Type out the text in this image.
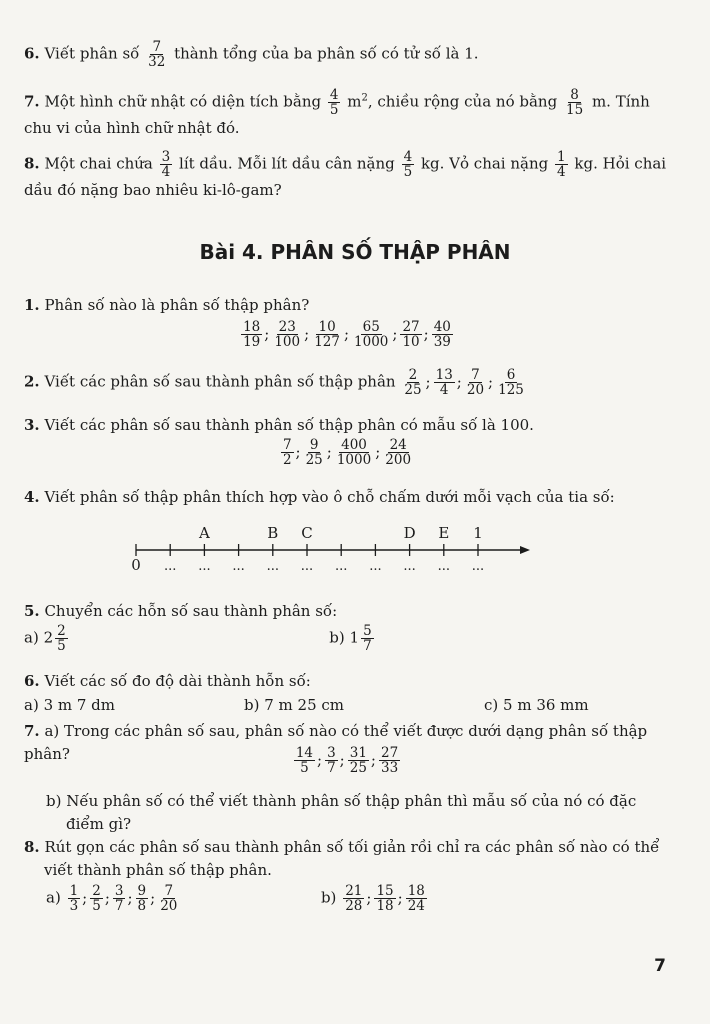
6. Viết phân số $\frac{7}{32}$ thành tổng của ba phân số có tử số là 1.
7. Một hình chữ nhật có diện tích bằng $\frac{4}{5} m^2$, chiều rộng của nó bằng $\frac{8}{15} m$. Tính
chu vi của hình chữ nhật đó.
8. Một chai chứa $\frac{3}{4}$ lít dầu. Mỗi lít dầu cân nặng $\frac{4}{5}$ kg. Vỏ chai nặng $\frac{1}{4}$ kg. Hỏi chai
dầu đó nặng bao nhiêu ki-lô-gam?
Bài 4. PHÂN SỐ THẬP PHÂN
1. Phân số nào là phân số thập phân?
$\frac{18}{19}$ ; $\frac{23}{100}$ ; $\frac{10}{127}$ ; $\frac{65}{1000}$ ; $\frac{27}{10}$ ; $\frac{40}{39}$
2. Viết các phân số sau thành phân số thập phân $\frac{2}{25}$ ; $\frac{13}{4}$ ; $\frac{7}{20}$ ; $\frac{6}{125}$
3. Viết các phân số sau thành phân số thập phân có mẫu số là 100.
$\frac{7}{2}$ ; $\frac{9}{25}$ ; $\frac{400}{1000}$ ; $\frac{24}{200}$
4. Viết phân số thập phân thích hợp vào ô chỗ chấm dưới mỗi vạch của tia số:
A	B C	D E 1
0 ... ... ... ... ... ... ... ... ... ...
5. Chuyển các hỗn số sau thành phân số:
a) $2 \frac{2}{5}$	b) $1 \frac{5}{7}$
6. Viết các số đo độ dài thành hỗn số:
a) 3 m 7 dm	b) 7 m 25 cm	c) 5 m 36 mm
7. a) Trong các phân số sau, phân số nào có thể viết được dưới dạng phân số thập phân?	$\frac{14}{5}$ ; $\frac{3}{7}$ ; $\frac{31}{25}$ ; $\frac{27}{33}$
b) Nếu phân số có thể viết thành phân số thập phân thì mẫu số của nó có đặc
điểm gì?
8. Rút gọn các phân số sau thành phân số tối giản rồi chỉ ra các phân số nào có thể
viết thành phân số thập phân.
$a) \frac{1}{3}$ ; $\frac{2}{5}$ ; $\frac{3}{7}$ ; $\frac{9}{8}$ ; $\frac{7}{20}$	$b) \frac{21}{28}$ ; $\frac{15}{18}$ ; $\frac{18}{24}$
7
